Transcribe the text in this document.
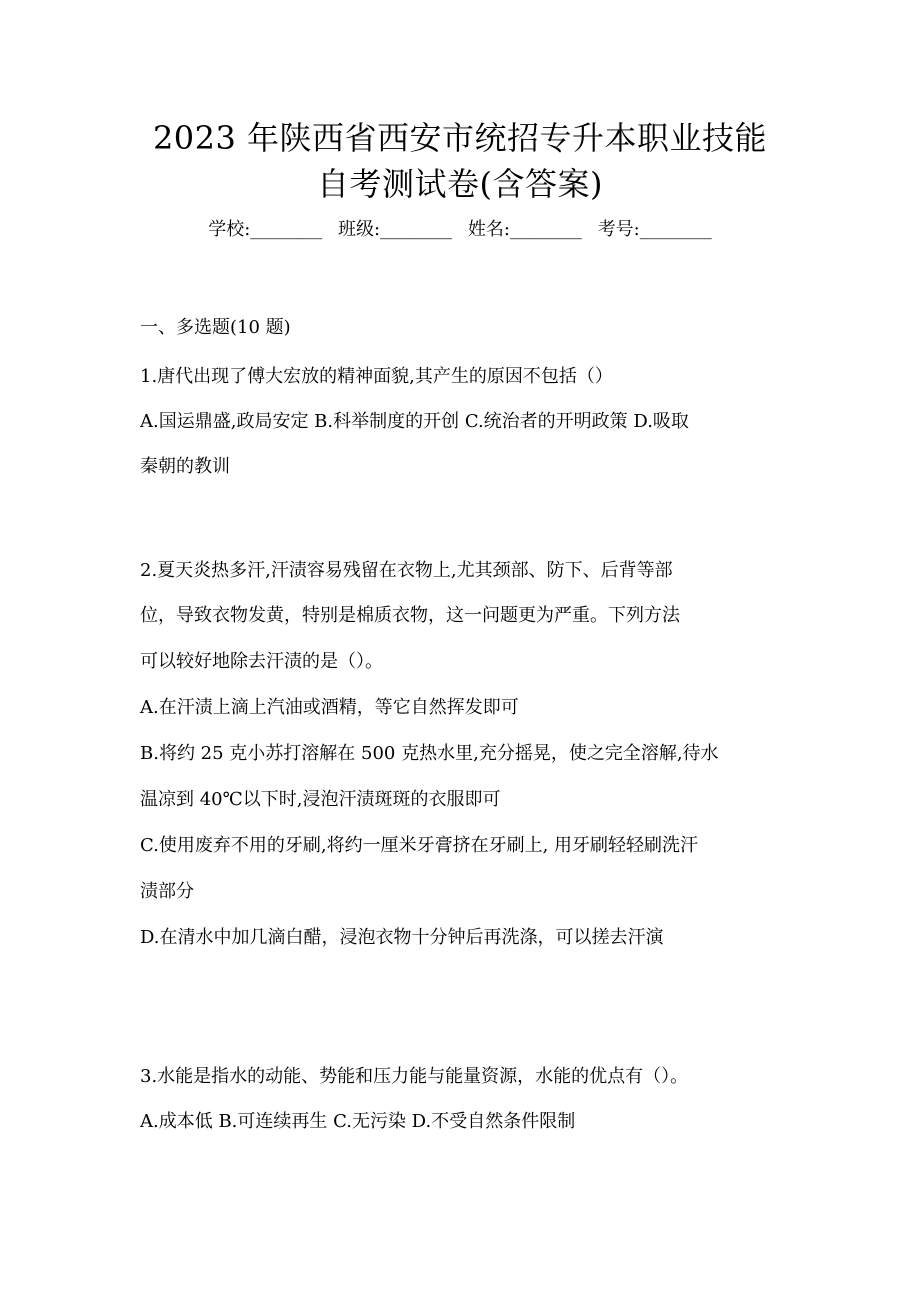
2023 年陕西省西安市统招专升本职业技能
自考测试卷(含答案)
学校:________ 班级:________ 姓名:________ 考号:________
一、多选题(10 题)
1.唐代出现了傅大宏放的精神面貌,其产生的原因不包括（）
A.国运鼎盛,政局安定 B.科举制度的开创 C.统治者的开明政策 D.吸取
秦朝的教训
2.夏天炎热多汗,汗渍容易残留在衣物上,尤其颈部、防下、后背等部
位，导致衣物发黄，特别是棉质衣物，这一问题更为严重。下列方法
可以较好地除去汗渍的是（）。
A.在汗渍上滴上汽油或酒精，等它自然挥发即可
B.将约 25 克小苏打溶解在 500 克热水里,充分摇晃，使之完全溶解,待水
温凉到 40℃以下时,浸泡汗渍斑斑的衣服即可
C.使用废弃不用的牙刷,将约一厘米牙膏挤在牙刷上, 用牙刷轻轻刷洗汗
渍部分
D.在清水中加几滴白醋，浸泡衣物十分钟后再洗涤，可以搓去汗演
3.水能是指水的动能、势能和压力能与能量资源，水能的优点有（）。
A.成本低 B.可连续再生 C.无污染 D.不受自然条件限制
